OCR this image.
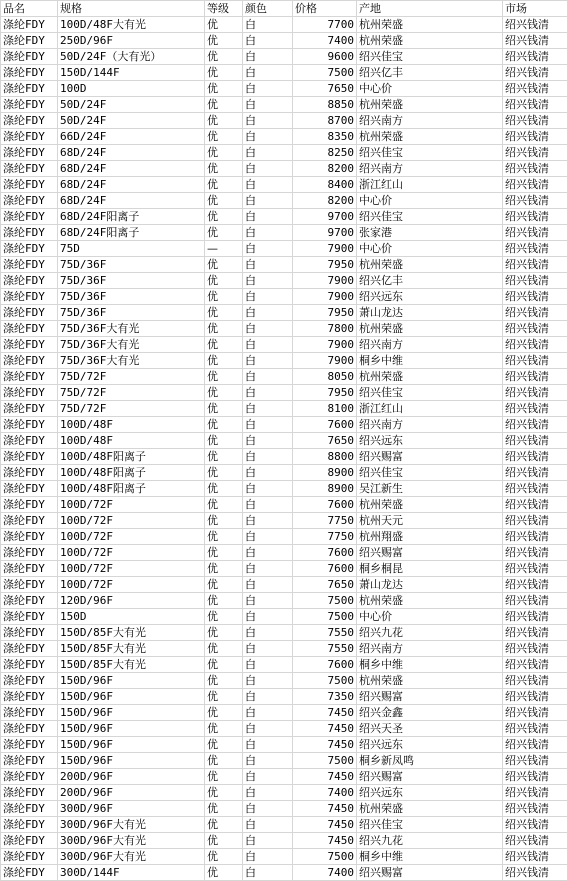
品名	规格	等级	颜色	价格	产地	市场
涤纶FDY	100D/48F大有光	优	白	7700	杭州荣盛	绍兴钱清
涤纶FDY	250D/96F	优	白	7400	杭州荣盛	绍兴钱清
涤纶FDY	50D/24F（大有光）	优	白	9600	绍兴佳宝	绍兴钱清
涤纶FDY	150D/144F	优	白	7500	绍兴亿丰	绍兴钱清
涤纶FDY	100D	优	白	7650	中心价	绍兴钱清
涤纶FDY	50D/24F	优	白	8850	杭州荣盛	绍兴钱清
涤纶FDY	50D/24F	优	白	8700	绍兴南方	绍兴钱清
涤纶FDY	66D/24F	优	白	8350	杭州荣盛	绍兴钱清
涤纶FDY	68D/24F	优	白	8250	绍兴佳宝	绍兴钱清
涤纶FDY	68D/24F	优	白	8200	绍兴南方	绍兴钱清
涤纶FDY	68D/24F	优	白	8400	浙江红山	绍兴钱清
涤纶FDY	68D/24F	优	白	8200	中心价	绍兴钱清
涤纶FDY	68D/24F阳离子	优	白	9700	绍兴佳宝	绍兴钱清
涤纶FDY	68D/24F阳离子	优	白	9700	张家港	绍兴钱清
涤纶FDY	75D	—	白	7900	中心价	绍兴钱清
涤纶FDY	75D/36F	优	白	7950	杭州荣盛	绍兴钱清
涤纶FDY	75D/36F	优	白	7900	绍兴亿丰	绍兴钱清
涤纶FDY	75D/36F	优	白	7900	绍兴远东	绍兴钱清
涤纶FDY	75D/36F	优	白	7950	萧山龙达	绍兴钱清
涤纶FDY	75D/36F大有光	优	白	7800	杭州荣盛	绍兴钱清
涤纶FDY	75D/36F大有光	优	白	7900	绍兴南方	绍兴钱清
涤纶FDY	75D/36F大有光	优	白	7900	桐乡中维	绍兴钱清
涤纶FDY	75D/72F	优	白	8050	杭州荣盛	绍兴钱清
涤纶FDY	75D/72F	优	白	7950	绍兴佳宝	绍兴钱清
涤纶FDY	75D/72F	优	白	8100	浙江红山	绍兴钱清
涤纶FDY	100D/48F	优	白	7600	绍兴南方	绍兴钱清
涤纶FDY	100D/48F	优	白	7650	绍兴远东	绍兴钱清
涤纶FDY	100D/48F阳离子	优	白	8800	绍兴赐富	绍兴钱清
涤纶FDY	100D/48F阳离子	优	白	8900	绍兴佳宝	绍兴钱清
涤纶FDY	100D/48F阳离子	优	白	8900	吴江新生	绍兴钱清
涤纶FDY	100D/72F	优	白	7600	杭州荣盛	绍兴钱清
涤纶FDY	100D/72F	优	白	7750	杭州天元	绍兴钱清
涤纶FDY	100D/72F	优	白	7750	杭州翔盛	绍兴钱清
涤纶FDY	100D/72F	优	白	7600	绍兴赐富	绍兴钱清
涤纶FDY	100D/72F	优	白	7600	桐乡桐昆	绍兴钱清
涤纶FDY	100D/72F	优	白	7650	萧山龙达	绍兴钱清
涤纶FDY	120D/96F	优	白	7500	杭州荣盛	绍兴钱清
涤纶FDY	150D	优	白	7500	中心价	绍兴钱清
涤纶FDY	150D/85F大有光	优	白	7550	绍兴九花	绍兴钱清
涤纶FDY	150D/85F大有光	优	白	7550	绍兴南方	绍兴钱清
涤纶FDY	150D/85F大有光	优	白	7600	桐乡中维	绍兴钱清
涤纶FDY	150D/96F	优	白	7500	杭州荣盛	绍兴钱清
涤纶FDY	150D/96F	优	白	7350	绍兴赐富	绍兴钱清
涤纶FDY	150D/96F	优	白	7450	绍兴金鑫	绍兴钱清
涤纶FDY	150D/96F	优	白	7450	绍兴天圣	绍兴钱清
涤纶FDY	150D/96F	优	白	7450	绍兴远东	绍兴钱清
涤纶FDY	150D/96F	优	白	7500	桐乡新凤鸣	绍兴钱清
涤纶FDY	200D/96F	优	白	7450	绍兴赐富	绍兴钱清
涤纶FDY	200D/96F	优	白	7400	绍兴远东	绍兴钱清
涤纶FDY	300D/96F	优	白	7450	杭州荣盛	绍兴钱清
涤纶FDY	300D/96F大有光	优	白	7450	绍兴佳宝	绍兴钱清
涤纶FDY	300D/96F大有光	优	白	7450	绍兴九花	绍兴钱清
涤纶FDY	300D/96F大有光	优	白	7500	桐乡中维	绍兴钱清
涤纶FDY	300D/144F	优	白	7400	绍兴赐富	绍兴钱清
